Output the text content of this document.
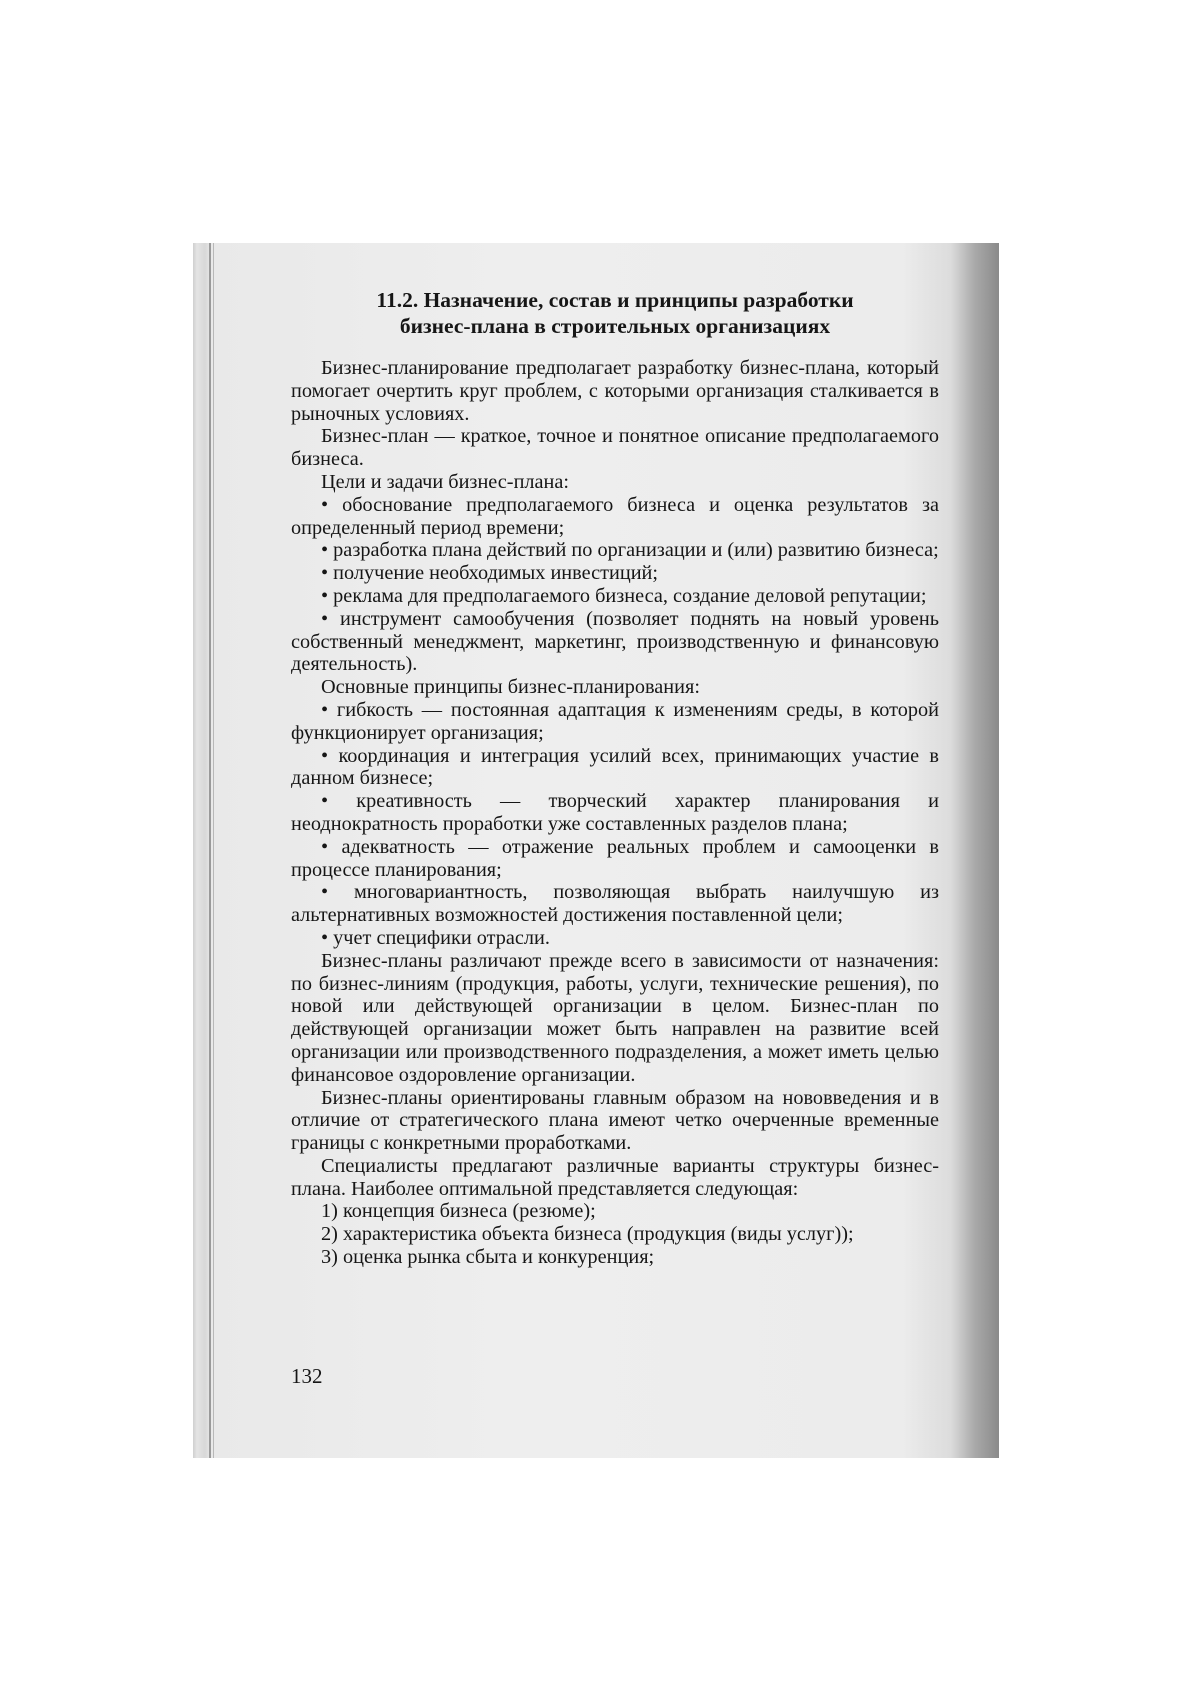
11.2. Назначение, состав и принципы разработки
бизнес-плана в строительных организациях

Бизнес-планирование предполагает разработку бизнес-плана, который помогает очертить круг проблем, с которыми организация сталкивается в рыночных условиях.

Бизнес-план — краткое, точное и понятное описание предполагаемого бизнеса.

Цели и задачи бизнес-плана:

• обоснование предполагаемого бизнеса и оценка результатов за определенный период времени;

• разработка плана действий по организации и (или) развитию бизнеса;

• получение необходимых инвестиций;

• реклама для предполагаемого бизнеса, создание деловой репутации;

• инструмент самообучения (позволяет поднять на новый уровень собственный менеджмент, маркетинг, производственную и финансовую деятельность).

Основные принципы бизнес-планирования:

• гибкость — постоянная адаптация к изменениям среды, в которой функционирует организация;

• координация и интеграция усилий всех, принимающих участие в данном бизнесе;

• креативность — творческий характер планирования и неоднократность проработки уже составленных разделов плана;

• адекватность — отражение реальных проблем и самооценки в процессе планирования;

• многовариантность, позволяющая выбрать наилучшую из альтернативных возможностей достижения поставленной цели;

• учет специфики отрасли.

Бизнес-планы различают прежде всего в зависимости от назначения: по бизнес-линиям (продукция, работы, услуги, технические решения), по новой или действующей организации в целом. Бизнес-план по действующей организации может быть направлен на развитие всей организации или производственного подразделения, а может иметь целью финансовое оздоровление организации.

Бизнес-планы ориентированы главным образом на нововведения и в отличие от стратегического плана имеют четко очерченные временные границы с конкретными проработками.

Специалисты предлагают различные варианты структуры бизнес-плана. Наиболее оптимальной представляется следующая:

1) концепция бизнеса (резюме);

2) характеристика объекта бизнеса (продукция (виды услуг));

3) оценка рынка сбыта и конкуренция;

132
